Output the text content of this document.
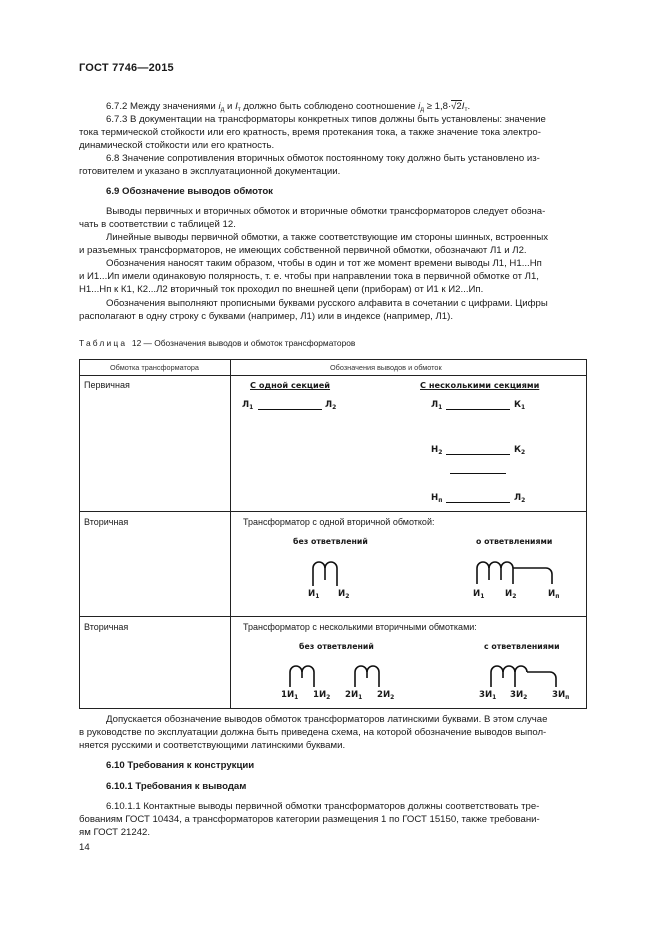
ГОСТ 7746—2015
6.7.2 Между значениями $i_д$ и $I_т$ должно быть соблюдено соотношение $i_д \ge 1,8\cdot√2I_т$.
6.7.3 В документации на трансформаторы конкретных типов должны быть установлены: значение
тока термической стойкости или его кратность, время протекания тока, а также значение тока электро-
динамической стойкости или его кратность.
6.8 Значение сопротивления вторичных обмоток постоянному току должно быть установлено из-
готовителем и указано в эксплуатационной документации.
6.9 Обозначение выводов обмоток
Выводы первичных и вторичных обмоток и вторичные обмотки трансформаторов следует обозна-
чать в соответствии с таблицей 12.
Линейные выводы первичной обмотки, а также соответствующие им стороны шинных, встроенных
и разъемных трансформаторов, не имеющих собственной первичной обмотки, обозначают Л1 и Л2.
Обозначения наносят таким образом, чтобы в один и тот же момент времени выводы Л1, Н1...Нп
и И1...Ип имели одинаковую полярность, т. е. чтобы при направлении тока в первичной обмотке от Л1,
Н1...Нп к К1, К2...Л2 вторичный ток проходил по внешней цепи (приборам) от И1 к И2...Ип.
Обозначения выполняют прописными буквами русского алфавита в сочетании с цифрами. Цифры
располагают в одну строку с буквами (например, Л1) или в индексе (например, Л1).
Таблица 12 — Обозначения выводов и обмоток трансформаторов
Обмотка трансформатора	Обозначения выводов и обмоток
Первичная	С одной секцией	С несколькими секциями
$Л_1$	$Л_2$	$Л_1$	$К_1$
$Н_2$	$К_2$
$Н_п$	$Л_2$
Вторичная	Трансформатор с одной вторичной обмоткой:
без ответвлений	о ответвлениями
$И_1$ $И_2$	$И_1$ $И_2$	$И_п$
Вторичная	Трансформатор с несколькими вторичными обмотками:
без ответвлений	с ответвлениями
$1И_1$ $1И_2$ $2И_1$ $2И_2$	$3И_1$ $3И_2$	$3И_п$
Допускается обозначение выводов обмоток трансформаторов латинскими буквами. В этом случае
в руководстве по эксплуатации должна быть приведена схема, на которой обозначение выводов выпол-
няется русскими и соответствующими латинскими буквами.
6.10 Требования к конструкции
6.10.1 Требования к выводам
6.10.1.1 Контактные выводы первичной обмотки трансформаторов должны соответствовать тре-
бованиям ГОСТ 10434, а трансформаторов категории размещения 1 по ГОСТ 15150, также требовани-
ям ГОСТ 21242.
14
